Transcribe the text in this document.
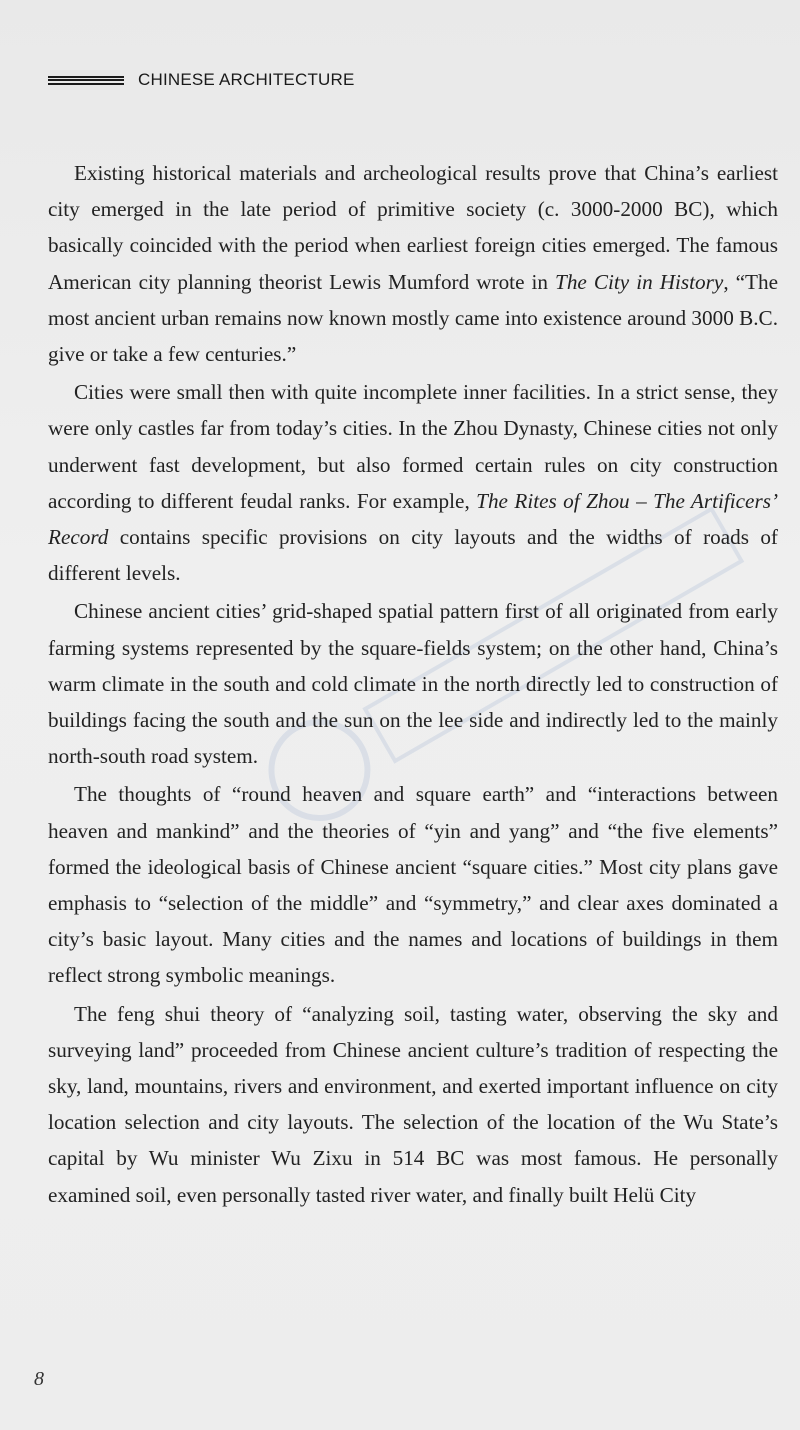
CHINESE ARCHITECTURE

Existing historical materials and archeological results prove that China’s earliest city emerged in the late period of primitive society (c. 3000-2000 BC), which basically coincided with the period when earliest foreign cities emerged. The famous American city planning theorist Lewis Mumford wrote in The City in History, “The most ancient urban remains now known mostly came into existence around 3000 B.C. give or take a few centuries.”

Cities were small then with quite incomplete inner facilities. In a strict sense, they were only castles far from today’s cities. In the Zhou Dynasty, Chinese cities not only underwent fast development, but also formed certain rules on city construction according to different feudal ranks. For example, The Rites of Zhou – The Artificers’ Record contains specific provisions on city layouts and the widths of roads of different levels.

Chinese ancient cities’ grid-shaped spatial pattern first of all originated from early farming systems represented by the square-fields system; on the other hand, China’s warm climate in the south and cold climate in the north directly led to construction of buildings facing the south and the sun on the lee side and indirectly led to the mainly north-south road system.

The thoughts of “round heaven and square earth” and “interactions between heaven and mankind” and the theories of “yin and yang” and “the five elements” formed the ideological basis of Chinese ancient “square cities.” Most city plans gave emphasis to “selection of the middle” and “symmetry,” and clear axes dominated a city’s basic layout. Many cities and the names and locations of buildings in them reflect strong symbolic meanings.

The feng shui theory of “analyzing soil, tasting water, observing the sky and surveying land” proceeded from Chinese ancient culture’s tradition of respecting the sky, land, mountains, rivers and environment, and exerted important influence on city location selection and city layouts. The selection of the location of the Wu State’s capital by Wu minister Wu Zixu in 514 BC was most famous. He personally examined soil, even personally tasted river water, and finally built Helü City

8
